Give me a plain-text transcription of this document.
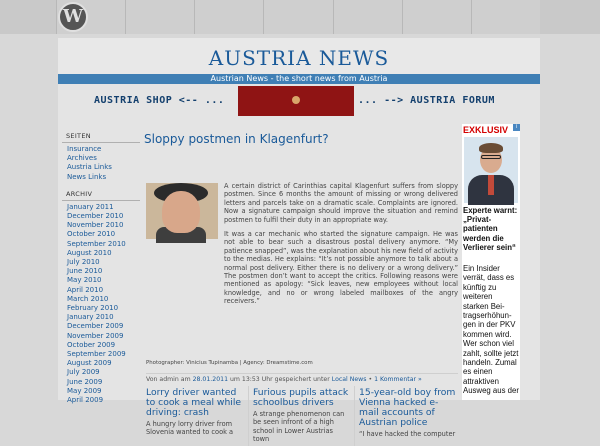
W
AUSTRIA NEWS
Austrian News - the short news from Austria
AUSTRIA SHOP <-- ...	... --> AUSTRIA FORUM
SEITEN
Insurance
Archives
Austria Links
News Links
ARCHIV
January 2011
December 2010
November 2010
October 2010
September 2010
August 2010
July 2010
June 2010
May 2010
April 2010
March 2010
February 2010
January 2010
December 2009
November 2009
October 2009
September 2009
August 2009
July 2009
June 2009
May 2009
April 2009
Sloppy postmen in Klagenfurt?

A certain district of Carinthias capital Klagenfurt suffers from sloppy postmen. Since 6 months the amount of missing or wrong delivered letters and parcels take on a dramatic scale. Complaints are ignored. Now a signature campaign should improve the situation and remind postmen to fulfil their duty in an appropriate way.

It was a car mechanic who started the signature campaign. He was not able to bear such a disastrous postal delivery anymore. “My patience snapped”, was the explanation about his new field of activity to the medias. He explains: “It’s not possible anymore to talk about a normal post delivery. Either there is no delivery or a wrong delivery.” The postmen don’t want to accept the critics. Following reasons were mentioned as apology: “Sick leaves, new employees without local knowledge, and no or wrong labeled mailboxes of the angry receivers.”

Photographer: Vinicius Tupinamba | Agency: Dreamstime.com
Von admin am 28.01.2011 um 13:53 Uhr gespeichert unter Local News • 1 Kommentar »
Lorry driver wanted to cook a meal while driving: crash
A hungry lorry driver from Slovenia wanted to cook a
Furious pupils attack schoolbus drivers
A strange phenomenon can be seen infront of a high school in Lower Austrias town
15-year-old boy from Vienna hacked e-mail accounts of Austrian police
“I have hacked the computer
EXKLUSIV	i
Experte warnt: „Privat-patienten werden die Verlierer sein“
Ein Insider verrät, dass es künftig zu weiteren starken Bei-tragserhöhun-gen in der PKV kommen wird. Wer schon viel zahlt, sollte jetzt handeln. Zumal es einen attraktiven Ausweg aus der
